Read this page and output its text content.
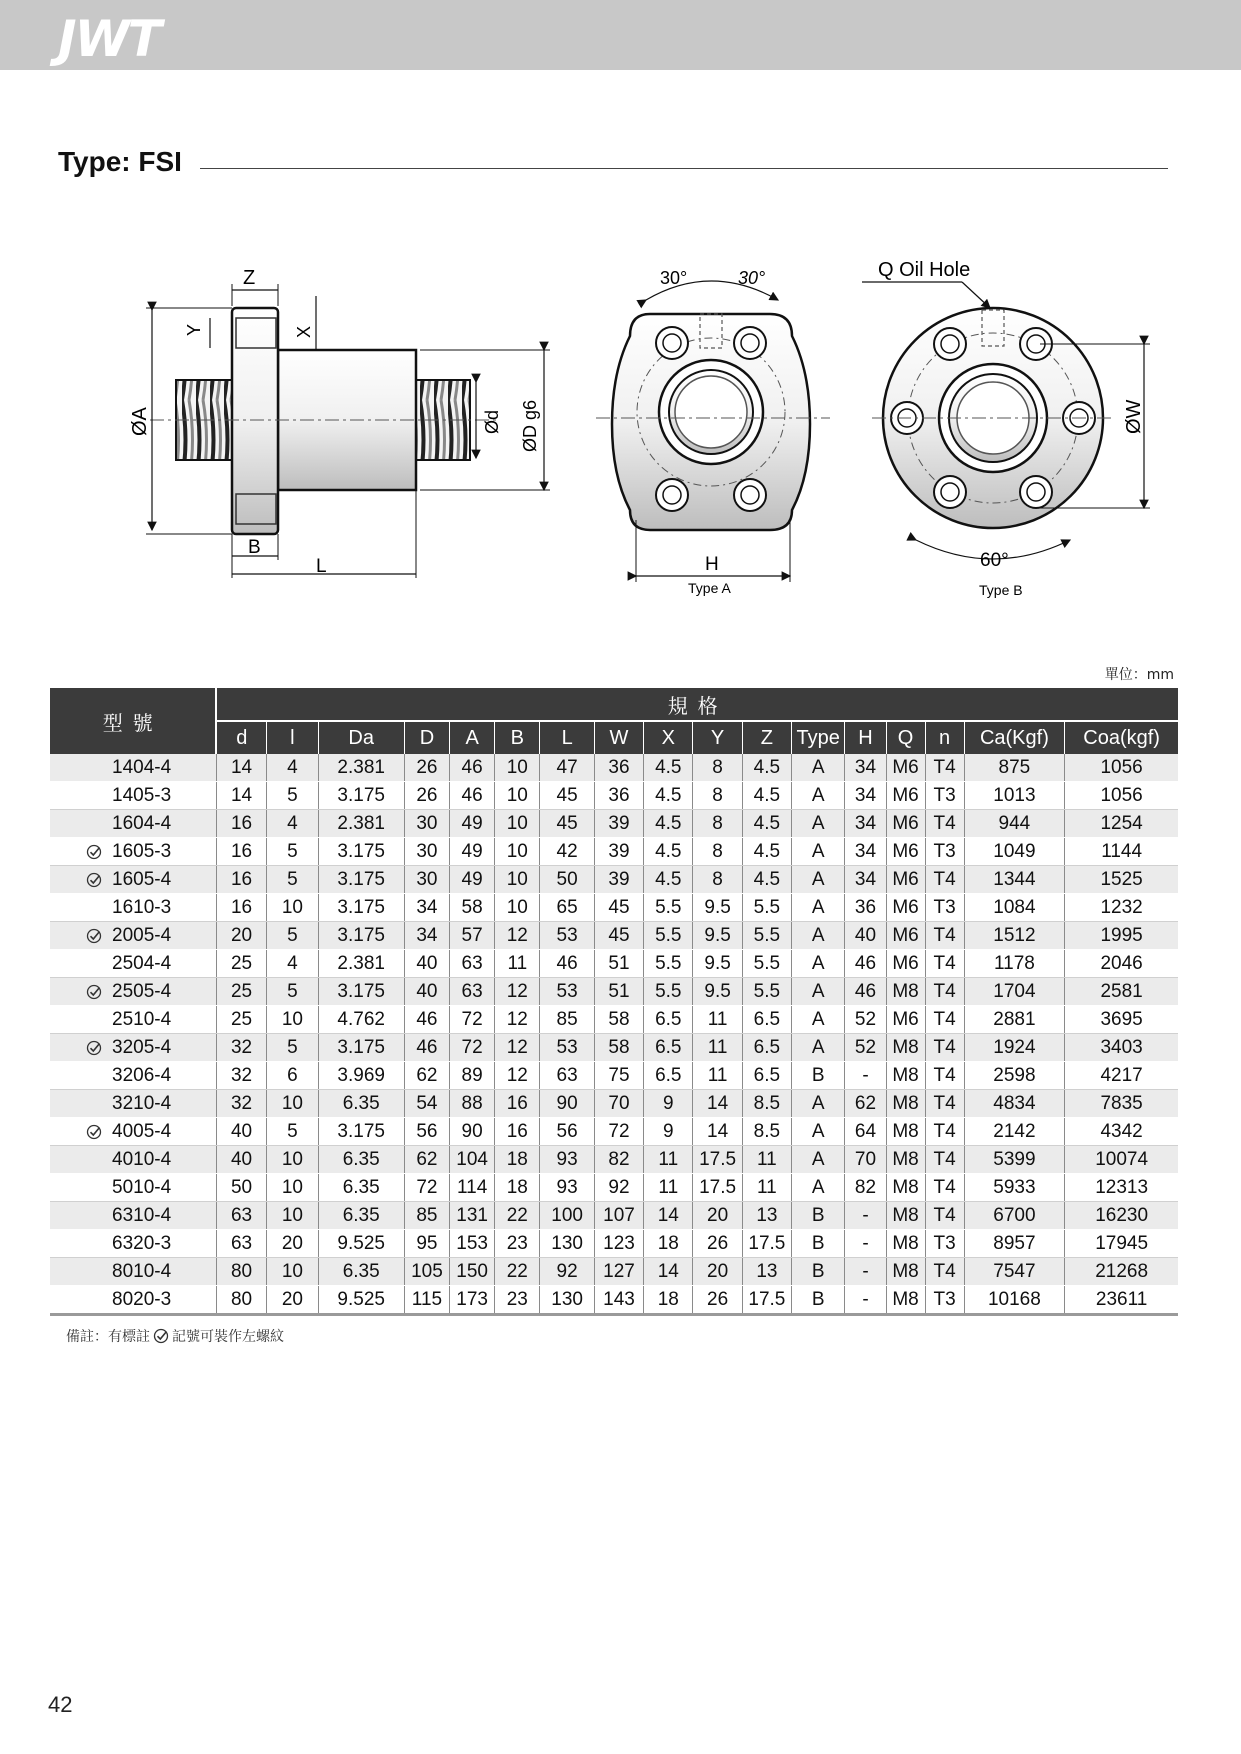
JWT
Type: FSI
Z
Y	X
ØA	Ød ØD g6
B
L
30°	30°
H
Type A
Q Oil Hole
ØW
60°
Type B
單位：mm
型號	規格																
	d	l	Da	D	A	B	L	W	X	Y	Z	Type	H	Q	n	Ca(Kgf)	Coa(kgf)
1404-4	14	4	2.381	26	46	10	47	36	4.5	8	4.5	A	34	M6	T4	875	1056
1405-3	14	5	3.175	26	46	10	45	36	4.5	8	4.5	A	34	M6	T3	1013	1056
1604-4	16	4	2.381	30	49	10	45	39	4.5	8	4.5	A	34	M6	T4	944	1254

1605-3	16	5	3.175	30	49	10	42	39	4.5	8	4.5	A	34	M6	T3	1049	1144

1605-4	16	5	3.175	30	49	10	50	39	4.5	8	4.5	A	34	M6	T4	1344	1525
1610-3	16	10	3.175	34	58	10	65	45	5.5	9.5	5.5	A	36	M6	T3	1084	1232

2005-4	20	5	3.175	34	57	12	53	45	5.5	9.5	5.5	A	40	M6	T4	1512	1995
2504-4	25	4	2.381	40	63	11	46	51	5.5	9.5	5.5	A	46	M6	T4	1178	2046

2505-4	25	5	3.175	40	63	12	53	51	5.5	9.5	5.5	A	46	M8	T4	1704	2581
2510-4	25	10	4.762	46	72	12	85	58	6.5	11	6.5	A	52	M6	T4	2881	3695

3205-4	32	5	3.175	46	72	12	53	58	6.5	11	6.5	A	52	M8	T4	1924	3403
3206-4	32	6	3.969	62	89	12	63	75	6.5	11	6.5	B	-	M8	T4	2598	4217
3210-4	32	10	6.35	54	88	16	90	70	9	14	8.5	A	62	M8	T4	4834	7835

4005-4	40	5	3.175	56	90	16	56	72	9	14	8.5	A	64	M8	T4	2142	4342
4010-4	40	10	6.35	62	104	18	93	82	11	17.5	11	A	70	M8	T4	5399	10074
5010-4	50	10	6.35	72	114	18	93	92	11	17.5	11	A	82	M8	T4	5933	12313
6310-4	63	10	6.35	85	131	22	100	107	14	20	13	B	-	M8	T4	6700	16230
6320-3	63	20	9.525	95	153	23	130	123	18	26	17.5	B	-	M8	T3	8957	17945
8010-4	80	10	6.35	105	150	22	92	127	14	20	13	B	-	M8	T4	7547	21268
8020-3	80	20	9.525	115	173	23	130	143	18	26	17.5	B	-	M8	T3	10168	23611
備註：有標註 記號可裝作左螺紋
42
